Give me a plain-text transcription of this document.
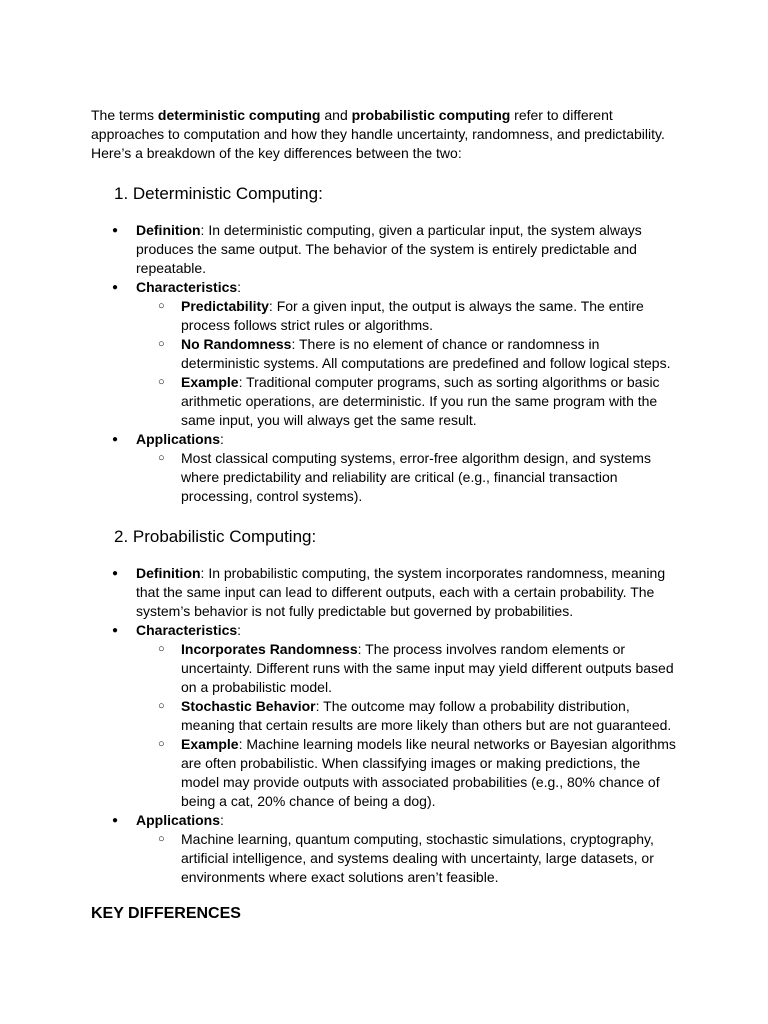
The terms deterministic computing and probabilistic computing refer to different approaches to computation and how they handle uncertainty, randomness, and predictability. Here’s a breakdown of the key differences between the two:

1. Deterministic Computing:
● Definition: In deterministic computing, given a particular input, the system always produces the same output. The behavior of the system is entirely predictable and repeatable.
● Characteristics:
○ Predictability: For a given input, the output is always the same. The entire process follows strict rules or algorithms.
○ No Randomness: There is no element of chance or randomness in deterministic systems. All computations are predefined and follow logical steps.
○ Example: Traditional computer programs, such as sorting algorithms or basic arithmetic operations, are deterministic. If you run the same program with the same input, you will always get the same result.
● Applications:
○ Most classical computing systems, error-free algorithm design, and systems where predictability and reliability are critical (e.g., financial transaction processing, control systems).
2. Probabilistic Computing:
● Definition: In probabilistic computing, the system incorporates randomness, meaning that the same input can lead to different outputs, each with a certain probability. The system’s behavior is not fully predictable but governed by probabilities.
● Characteristics:
○ Incorporates Randomness: The process involves random elements or uncertainty. Different runs with the same input may yield different outputs based on a probabilistic model.
○ Stochastic Behavior: The outcome may follow a probability distribution, meaning that certain results are more likely than others but are not guaranteed.
○ Example: Machine learning models like neural networks or Bayesian algorithms are often probabilistic. When classifying images or making predictions, the model may provide outputs with associated probabilities (e.g., 80% chance of being a cat, 20% chance of being a dog).
● Applications:
○ Machine learning, quantum computing, stochastic simulations, cryptography, artificial intelligence, and systems dealing with uncertainty, large datasets, or environments where exact solutions aren’t feasible.
KEY DIFFERENCES
